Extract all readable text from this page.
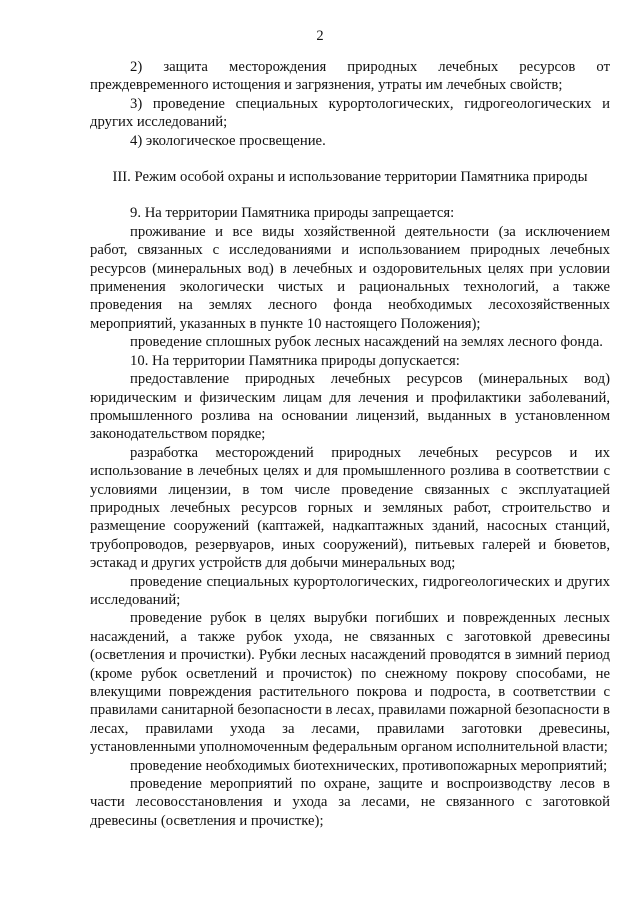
2

2) защита месторождения природных лечебных ресурсов от преждевременного истощения и загрязнения, утраты им лечебных свойств;

3) проведение специальных курортологических, гидрогеологических и других исследований;

4) экологическое просвещение.

III. Режим особой охраны и использование территории Памятника природы

9. На территории Памятника природы запрещается:

проживание и все виды хозяйственной деятельности (за исключением работ, связанных с исследованиями и использованием природных лечебных ресурсов (минеральных вод) в лечебных и оздоровительных целях при условии применения экологически чистых и рациональных технологий, а также проведения на землях лесного фонда необходимых лесохозяйственных мероприятий, указанных в пункте 10 настоящего Положения);

проведение сплошных рубок лесных насаждений на землях лесного фонда.

10. На территории Памятника природы допускается:

предоставление природных лечебных ресурсов (минеральных вод) юридическим и физическим лицам для лечения и профилактики заболеваний, промышленного розлива на основании лицензий, выданных в установленном законодательством порядке;

разработка месторождений природных лечебных ресурсов и их использование в лечебных целях и для промышленного розлива в соответствии с условиями лицензии, в том числе проведение связанных с эксплуатацией природных лечебных ресурсов горных и земляных работ, строительство и размещение сооружений (каптажей, надкаптажных зданий, насосных станций, трубопроводов, резервуаров, иных сооружений), питьевых галерей и бюветов, эстакад и других устройств для добычи минеральных вод;

проведение специальных курортологических, гидрогеологических и других исследований;

проведение рубок в целях вырубки погибших и поврежденных лесных насаждений, а также рубок ухода, не связанных с заготовкой древесины (осветления и прочистки). Рубки лесных насаждений проводятся в зимний период (кроме рубок осветлений и прочисток) по снежному покрову способами, не влекущими повреждения растительного покрова и подроста, в соответствии с правилами санитарной безопасности в лесах, правилами пожарной безопасности в лесах, правилами ухода за лесами, правилами заготовки древесины, установленными уполномоченным федеральным органом исполнительной власти;

проведение необходимых биотехнических, противопожарных мероприятий;

проведение мероприятий по охране, защите и воспроизводству лесов в части лесовосстановления и ухода за лесами, не связанного с заготовкой древесины (осветления и прочистке);
